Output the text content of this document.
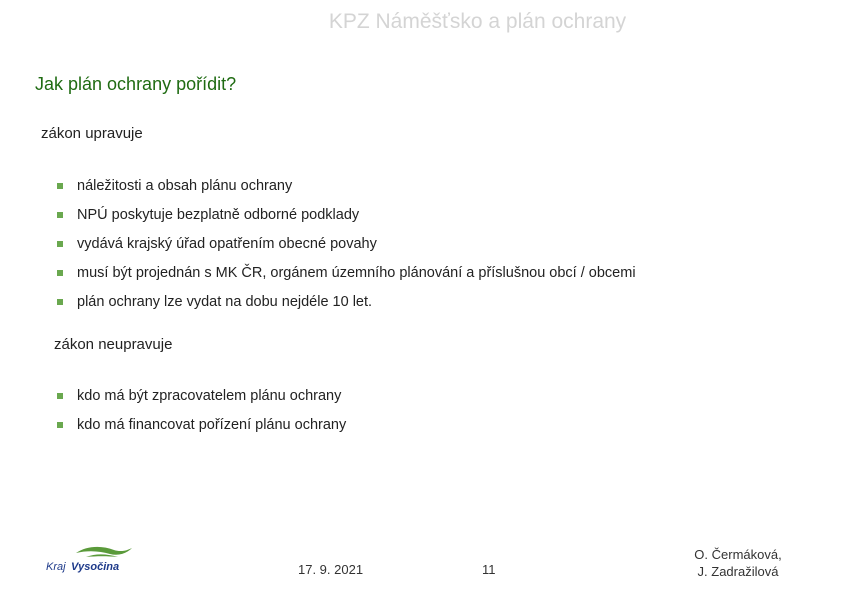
KPZ Náměšťsko a plán ochrany
Jak plán ochrany pořídit?
zákon upravuje
náležitosti a obsah plánu ochrany
NPÚ poskytuje bezplatně odborné podklady
vydává krajský úřad opatřením obecné povahy
musí být projednán s MK ČR, orgánem územního plánování a příslušnou obcí / obcemi
plán ochrany lze vydat na dobu nejdéle 10 let.
zákon neupravuje
kdo má být zpracovatelem plánu ochrany
kdo má financovat pořízení plánu ochrany
Kraj Vysočina	17. 9. 2021	11
O. Čermáková,
J. Zadražilová
